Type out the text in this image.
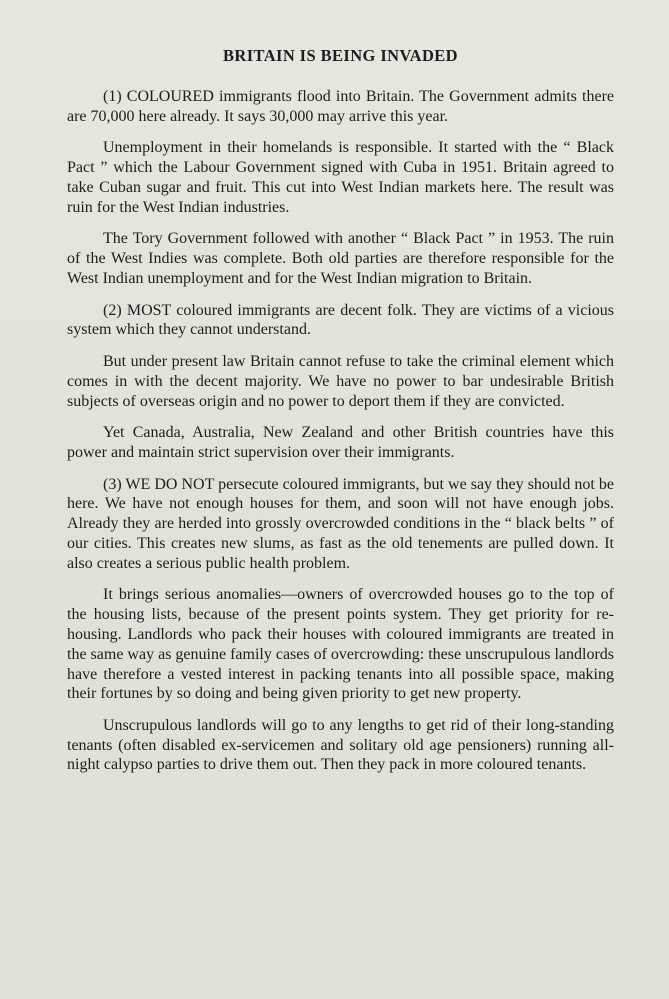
BRITAIN IS BEING INVADED

(1) COLOURED immigrants flood into Britain. The Government admits there are 70,000 here already. It says 30,000 may arrive this year.

Unemployment in their homelands is responsible. It started with the “ Black Pact ” which the Labour Government signed with Cuba in 1951. Britain agreed to take Cuban sugar and fruit. This cut into West Indian markets here. The result was ruin for the West Indian industries.

The Tory Government followed with another “ Black Pact ” in 1953. The ruin of the West Indies was complete. Both old parties are therefore responsible for the West Indian unemployment and for the West Indian migration to Britain.

(2) MOST coloured immigrants are decent folk. They are victims of a vicious system which they cannot understand.

But under present law Britain cannot refuse to take the criminal element which comes in with the decent majority. We have no power to bar undesirable British subjects of overseas origin and no power to deport them if they are convicted.

Yet Canada, Australia, New Zealand and other British countries have this power and maintain strict supervision over their immigrants.

(3) WE DO NOT persecute coloured immigrants, but we say they should not be here. We have not enough houses for them, and soon will not have enough jobs. Already they are herded into grossly overcrowded conditions in the “ black belts ” of our cities. This creates new slums, as fast as the old tenements are pulled down. It also creates a serious public health problem.

It brings serious anomalies—owners of overcrowded houses go to the top of the housing lists, because of the present points system. They get priority for re-housing. Landlords who pack their houses with coloured immigrants are treated in the same way as genuine family cases of overcrowding: these unscrupulous landlords have therefore a vested interest in packing tenants into all possible space, making their fortunes by so doing and being given priority to get new property.

Unscrupulous landlords will go to any lengths to get rid of their long-standing tenants (often disabled ex-servicemen and solitary old age pensioners) running all-night calypso parties to drive them out. Then they pack in more coloured tenants.
